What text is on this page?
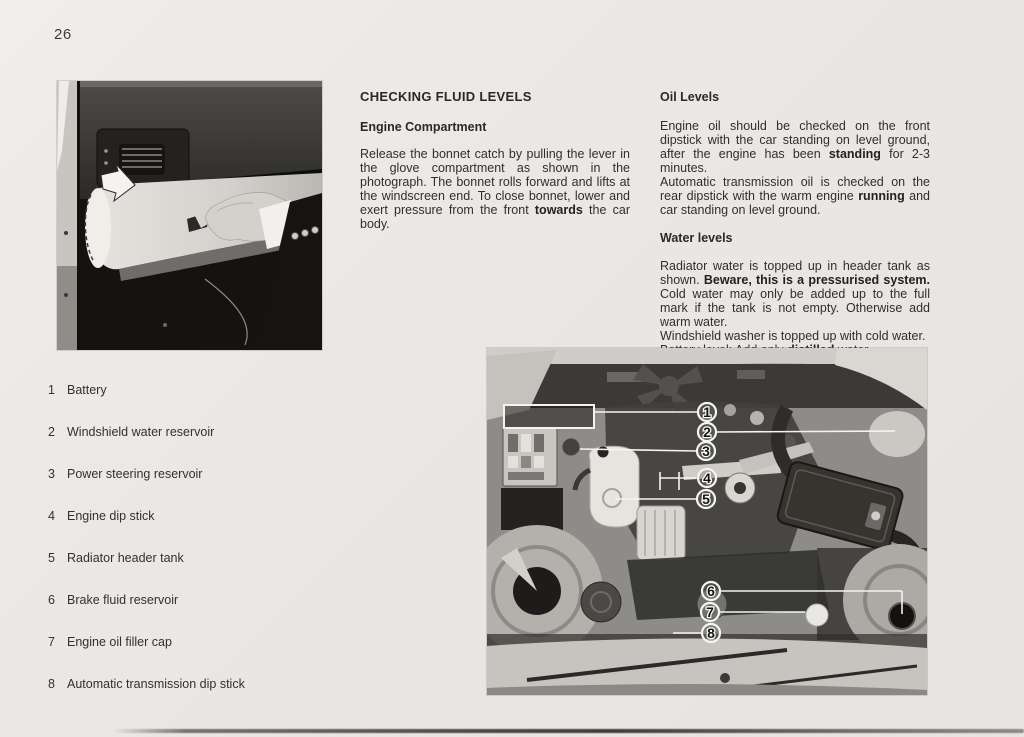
26
CHECKING FLUID LEVELS
Engine Compartment

Release the bonnet catch by pulling the lever in the glove compartment as shown in the photograph. The bonnet rolls forward and lifts at the windscreen end. To close bonnet, lower and exert pressure from the front towards the car body.

Oil Levels

Engine oil should be checked on the front dipstick with the car standing on level ground, after the engine has been standing for 2-3 minutes.

Automatic transmission oil is checked on the rear dipstick with the warm engine running and car standing on level ground.

Water levels

Radiator water is topped up in header tank as shown. Beware, this is a pressurised system. Cold water may only be added up to the full mark if the tank is not empty. Otherwise add warm water.

Windshield washer is topped up with cold water.

1 Battery
2 Windshield water reservoir
3 Power steering reservoir
4 Engine dip stick
5 Radiator header tank
6 Brake fluid reservoir
7 Engine oil filler cap
8 Automatic transmission dip stick
1
2
3
4
5
6
7
8
